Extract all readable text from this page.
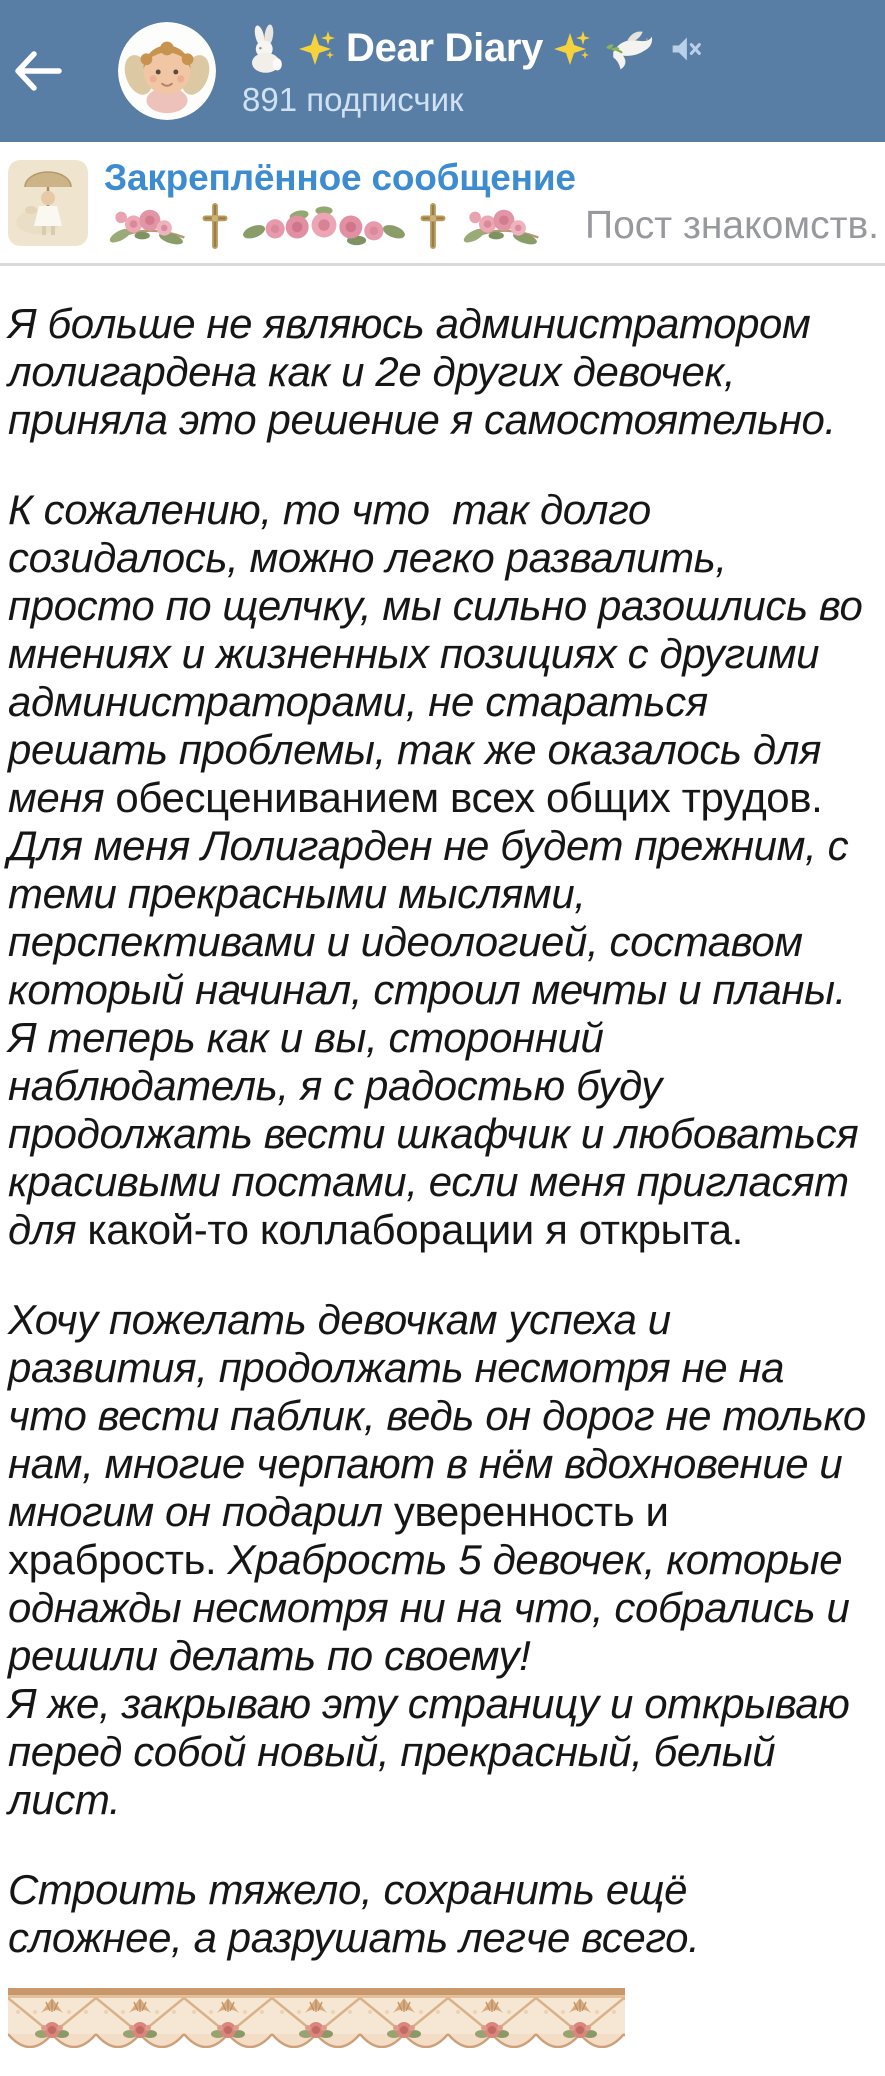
Dear Diary
891 подписчик
Закреплённое сообщение
Пост знакомств.

Я больше не являюсь администратором лолигардена как и 2е других девочек, приняла это решение я самостоятельно.

К сожалению, то что  так долго созидалось, можно легко развалить, просто по щелчку, мы сильно разошлись во мнениях и жизненных позициях с другими администраторами, не стараться решать проблемы, так же оказалось для меня обесцениванием всех общих трудов.

Для меня Лолигарден не будет прежним, с теми прекрасными мыслями, перспективами и идеологией, составом который начинал, строил мечты и планы. Я теперь как и вы, сторонний наблюдатель, я с радостью буду продолжать вести шкафчик и любоваться красивыми постами, если меня пригласят для какой-то коллаборации я открыта.

Хочу пожелать девочкам успеха и развития, продолжать несмотря не на что вести паблик, ведь он дорог не только нам, многие черпают в нём вдохновение и многим он подарил уверенность и храбрость. Храбрость 5 девочек, которые однажды несмотря ни на что, собрались и решили делать по своему!

Я же, закрываю эту страницу и открываю перед собой новый, прекрасный, белый лист.

Строить тяжело, сохранить ещё сложнее, а разрушать легче всего.
